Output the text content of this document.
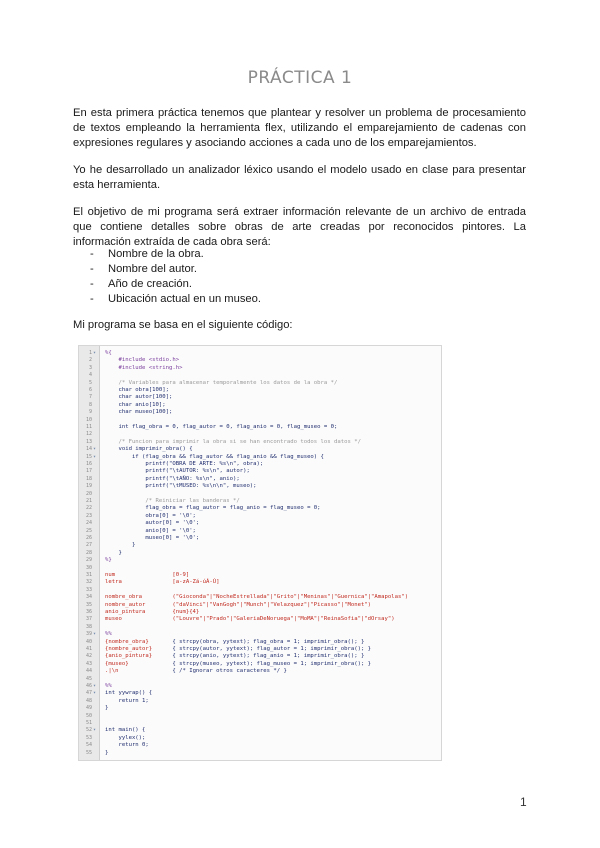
PRÁCTICA 1

En esta primera práctica tenemos que plantear y resolver un problema de procesamiento de textos empleando la herramienta flex, utilizando el emparejamiento de cadenas con expresiones regulares y asociando acciones a cada uno de los emparejamientos.

Yo he desarrollado un analizador léxico usando el modelo usado en clase para presentar esta herramienta.

El objetivo de mi programa será extraer información relevante de un archivo de entrada que contiene detalles sobre obras de arte creadas por reconocidos pintores. La información extraída de cada obra será:

- Nombre de la obra.
- Nombre del autor.
- Año de creación.
- Ubicación actual en un museo.

Mi programa se basa en el siguiente código:

1 ▾ %{
2 #include <stdio.h>
3 #include <string.h>
4
5 /* Variables para almacenar temporalmente los datos de la obra */
6 char obra[100];
7 char autor[100];
8 char anio[10];
9 char museo[100];
10
11 int flag_obra = 0, flag_autor = 0, flag_anio = 0, flag_museo = 0;
12
13 /* Funcion para imprimir la obra si se han encontrado todos los datos */
14 ▾ void imprimir_obra() {
15 ▾ if (flag_obra && flag_autor && flag_anio && flag_museo) {
16 printf("OBRA DE ARTE: %s\n", obra);
17 printf("\tAUTOR: %s\n", autor);
18 printf("\tAÑO: %s\n", anio);
19 printf("\tMUSEO: %s\n\n", museo);
20
21 /* Reiniciar las banderas */
22 flag_obra = flag_autor = flag_anio = flag_museo = 0;
23 obra[0] = '\0';
24 autor[0] = '\0';
25 anio[0] = '\0';
26 museo[0] = '\0';
27 }
28 }
29 %}
30
31 num                 [0-9]
32 letra               [a-zA-Zá-úÁ-Ú]
33
34 nombre_obra         ("Gioconda"|"NocheEstrellada"|"Grito"|"Meninas"|"Guernica"|"Amapolas")
35 nombre_autor        ("daVinci"|"VanGogh"|"Munch"|"Velazquez"|"Picasso"|"Monet")
36 anio_pintura        {num}{4}
37 museo               ("Louvre"|"Prado"|"GaleriaDeNoruega"|"MoMA"|"ReinaSofia"|"dOrsay")
38
39 ▾ %%
40 {nombre_obra}       { strcpy(obra, yytext); flag_obra = 1; imprimir_obra(); }
41 {nombre_autor}      { strcpy(autor, yytext); flag_autor = 1; imprimir_obra(); }
42 {anio_pintura}      { strcpy(anio, yytext); flag_anio = 1; imprimir_obra(); }
43 {museo}             { strcpy(museo, yytext); flag_museo = 1; imprimir_obra(); }
44 .|\n                { /* Ignorar otros caracteres */ }
45
46 ▾ %%
47 ▾ int yywrap() {
48 return 1;
49 }
50
51
52 ▾ int main() {
53 yylex();
54 return 0;
55 }
1
